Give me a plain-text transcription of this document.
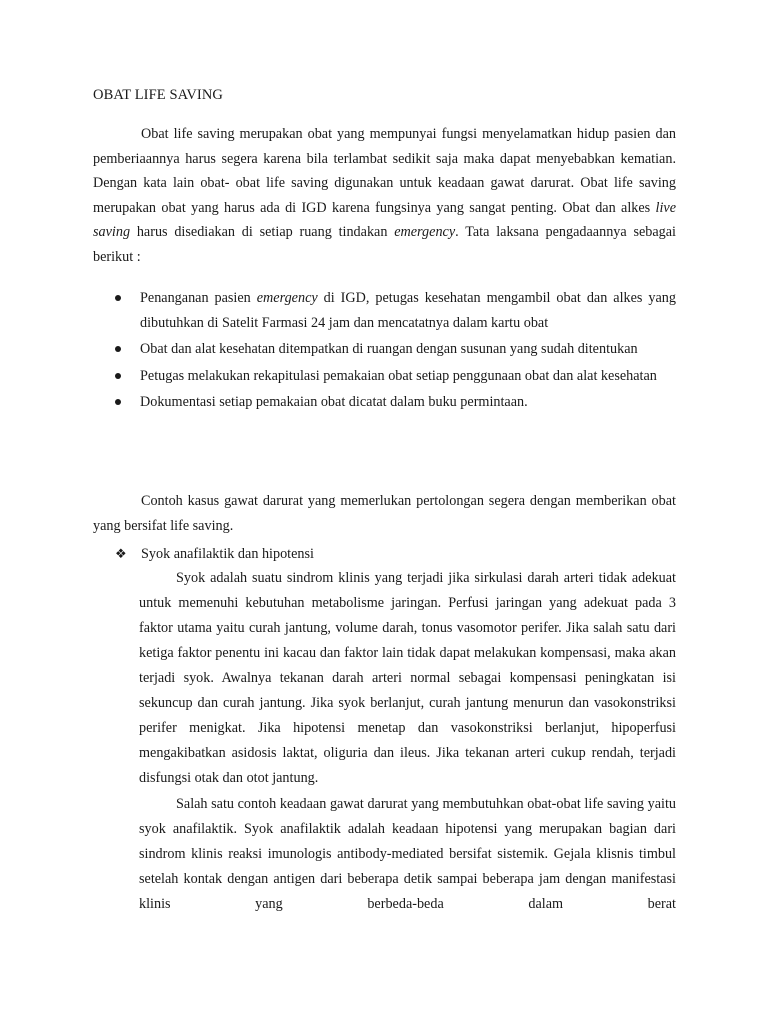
OBAT LIFE SAVING

Obat life saving merupakan obat yang mempunyai fungsi menyelamatkan hidup pasien dan pemberiaannya harus segera karena bila terlambat sedikit saja maka dapat menyebabkan kematian. Dengan kata lain obat- obat life saving digunakan untuk keadaan gawat darurat. Obat life saving merupakan obat yang harus ada di IGD karena fungsinya yang sangat penting. Obat dan alkes live saving harus disediakan di setiap ruang tindakan emergency. Tata laksana pengadaannya sebagai berikut :

Penanganan pasien emergency di IGD, petugas kesehatan mengambil obat dan alkes yang dibutuhkan di Satelit Farmasi 24 jam dan mencatatnya dalam kartu obat
Obat dan alat kesehatan ditempatkan di ruangan dengan susunan yang sudah ditentukan
Petugas melakukan rekapitulasi pemakaian obat setiap penggunaan obat dan alat kesehatan
Dokumentasi setiap pemakaian obat dicatat dalam buku permintaan.

Contoh kasus gawat darurat yang memerlukan pertolongan segera dengan memberikan obat yang bersifat life saving.

❖ Syok anafilaktik dan hipotensi

Syok adalah suatu sindrom klinis yang terjadi jika sirkulasi darah arteri tidak adekuat untuk memenuhi kebutuhan metabolisme jaringan. Perfusi jaringan yang adekuat pada 3 faktor utama yaitu curah jantung, volume darah, tonus vasomotor perifer. Jika salah satu dari ketiga faktor penentu ini kacau dan faktor lain tidak dapat melakukan kompensasi, maka akan terjadi syok. Awalnya tekanan darah arteri normal sebagai kompensasi peningkatan isi sekuncup dan curah jantung. Jika syok berlanjut, curah jantung menurun dan vasokonstriksi perifer menigkat. Jika hipotensi menetap dan vasokonstriksi berlanjut, hipoperfusi mengakibatkan asidosis laktat, oliguria dan ileus. Jika tekanan arteri cukup rendah, terjadi disfungsi otak dan otot jantung.

Salah satu contoh keadaan gawat darurat yang membutuhkan obat-obat life saving yaitu syok anafilaktik. Syok anafilaktik adalah keadaan hipotensi yang merupakan bagian dari sindrom klinis reaksi imunologis antibody-mediated bersifat sistemik. Gejala klisnis timbul setelah kontak dengan antigen dari beberapa detik sampai beberapa jam dengan manifestasi klinis yang berbeda-beda dalam berat
